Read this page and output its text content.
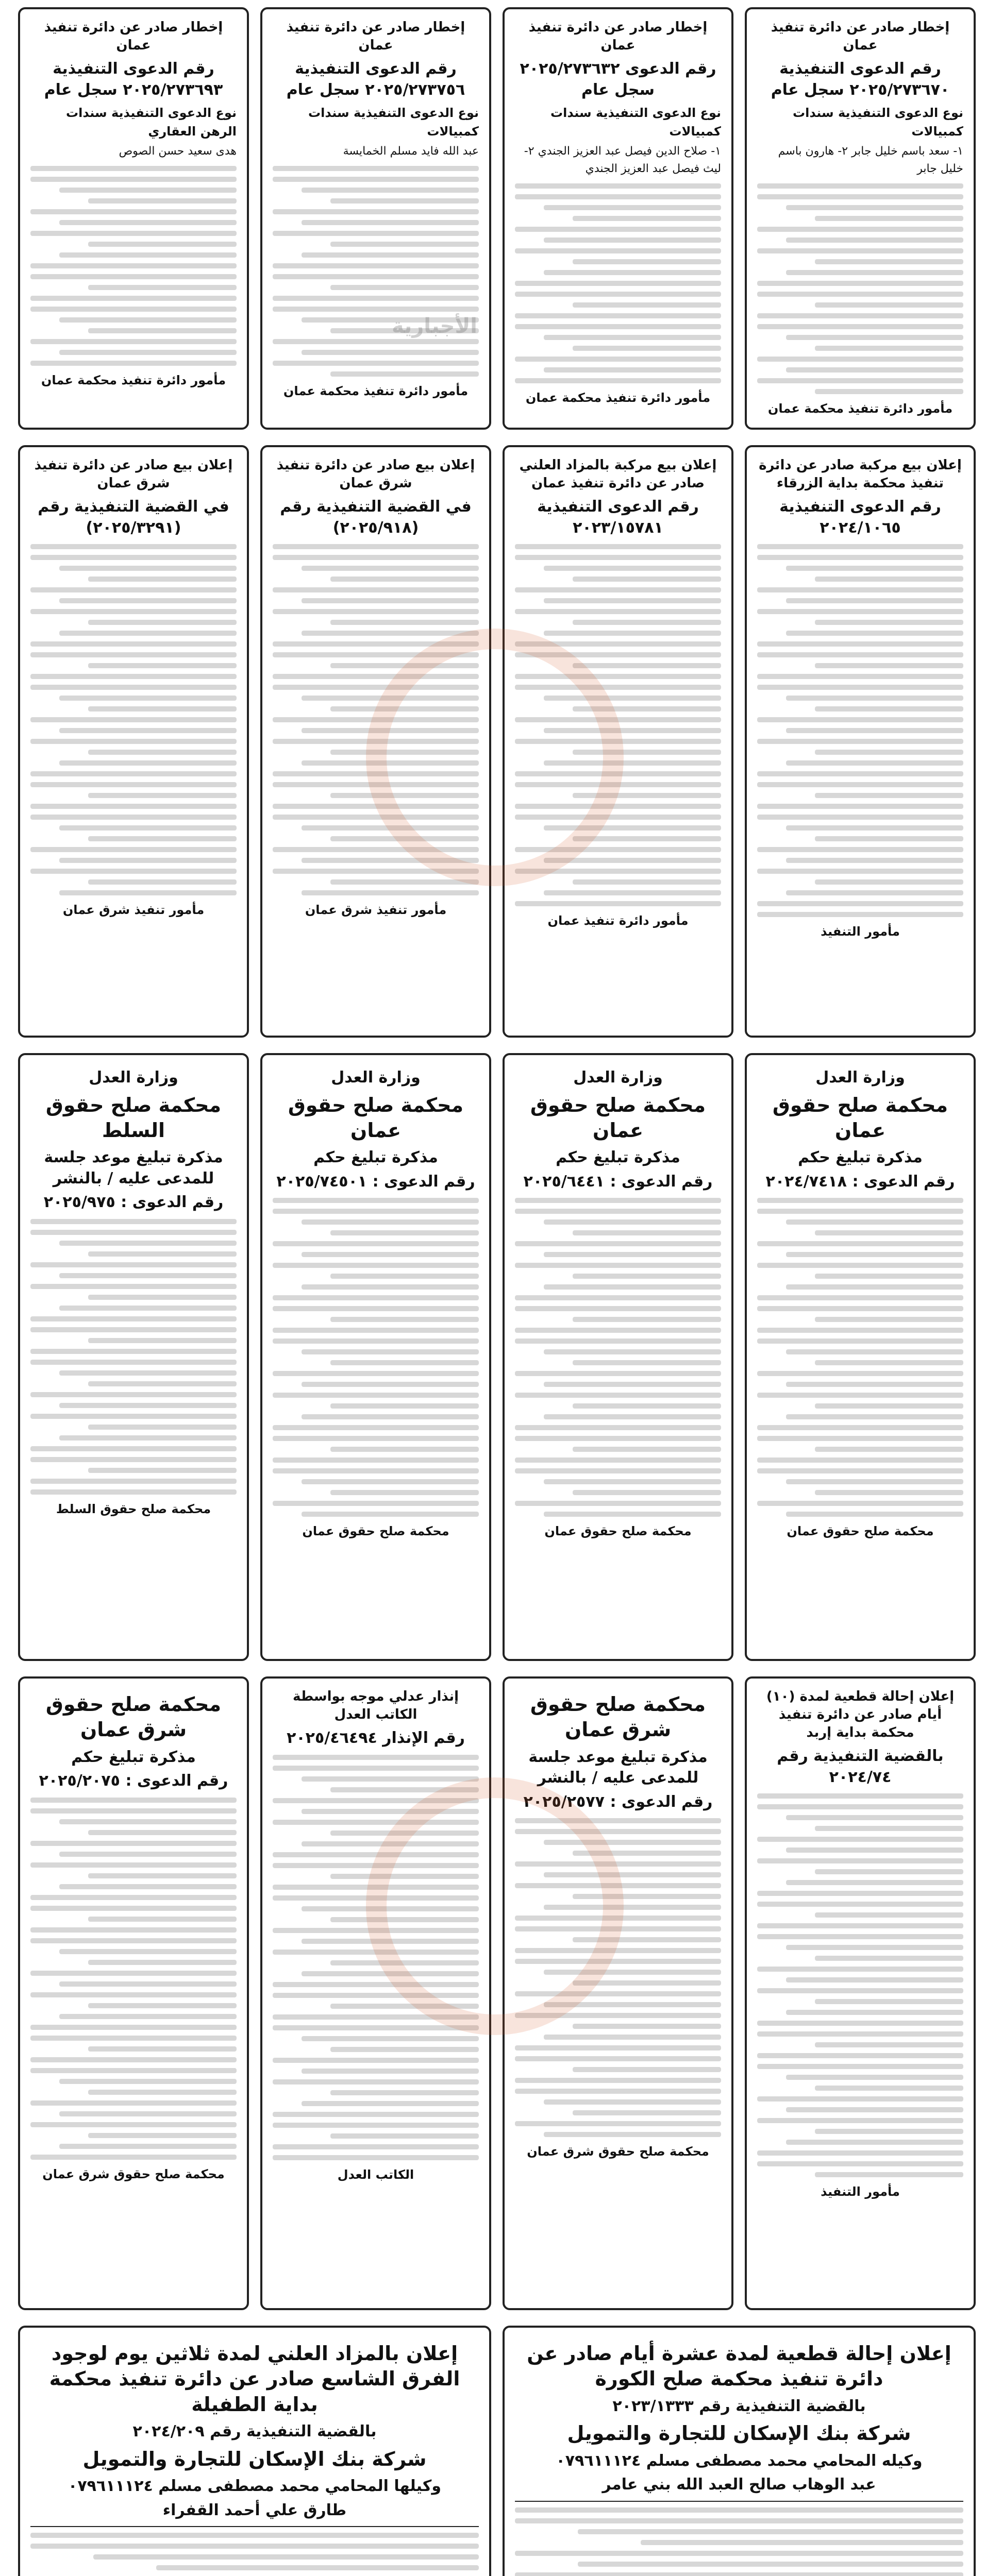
إخطار صادر عن دائرة تنفيذ عمان
رقم الدعوى التنفيذية ٢٠٢٥/٢٧٣٦٧٠ سجل عام
نوع الدعوى التنفيذية سندات كمبيالات
١- سعد باسم خليل جابر ٢- هارون باسم خليل جابر
مأمور دائرة تنفيذ محكمة عمان
إخطار صادر عن دائرة تنفيذ عمان
رقم الدعوى ٢٠٢٥/٢٧٣٦٣٢ سجل عام
نوع الدعوى التنفيذية سندات كمبيالات
١- صلاح الدين فيصل عبد العزيز الجندي ٢- ليث فيصل عبد العزيز الجندي
مأمور دائرة تنفيذ محكمة عمان
إخطار صادر عن دائرة تنفيذ عمان
رقم الدعوى التنفيذية ٢٠٢٥/٢٧٣٧٥٦ سجل عام
نوع الدعوى التنفيذية سندات كمبيالات
عبد الله فايد مسلم الخمايسة
مأمور دائرة تنفيذ محكمة عمان
إخطار صادر عن دائرة تنفيذ عمان
رقم الدعوى التنفيذية ٢٠٢٥/٢٧٣٦٩٣ سجل عام
نوع الدعوى التنفيذية سندات الرهن العقاري
هدى سعيد حسن الصوص
مأمور دائرة تنفيذ محكمة عمان
إعلان بيع مركبة صادر عن دائرة تنفيذ محكمة بداية الزرقاء
رقم الدعوى التنفيذية ٢٠٢٤/١٠٦٥
مأمور التنفيذ
إعلان بيع مركبة بالمزاد العلني صادر عن دائرة تنفيذ عمان
رقم الدعوى التنفيذية ٢٠٢٣/١٥٧٨١
مأمور دائرة تنفيذ عمان
إعلان بيع صادر عن دائرة تنفيذ شرق عمان
في القضية التنفيذية رقم (٢٠٢٥/٩١٨)
مأمور تنفيذ شرق عمان
إعلان بيع صادر عن دائرة تنفيذ شرق عمان
في القضية التنفيذية رقم (٢٠٢٥/٣٢٩١)
مأمور تنفيذ شرق عمان
وزارة العدل
محكمة صلح حقوق عمان
مذكرة تبليغ حكم
رقم الدعوى : ٢٠٢٤/٧٤١٨
محكمة صلح حقوق عمان
وزارة العدل
محكمة صلح حقوق عمان
مذكرة تبليغ حكم
رقم الدعوى : ٢٠٢٥/٦٤٤١
محكمة صلح حقوق عمان
وزارة العدل
محكمة صلح حقوق عمان
مذكرة تبليغ حكم
رقم الدعوى : ٢٠٢٥/٧٤٥٠١
محكمة صلح حقوق عمان
وزارة العدل
محكمة صلح حقوق السلط
مذكرة تبليغ موعد جلسة للمدعى عليه / بالنشر
رقم الدعوى : ٢٠٢٥/٩٧٥
محكمة صلح حقوق السلط
إعلان إحالة قطعية لمدة (١٠) أيام صادر عن دائرة تنفيذ محكمة بداية إربد
بالقضية التنفيذية رقم ٢٠٢٤/٧٤
مأمور التنفيذ
محكمة صلح حقوق شرق عمان
مذكرة تبليغ موعد جلسة للمدعى عليه / بالنشر
رقم الدعوى : ٢٠٢٥/٢٥٧٧
محكمة صلح حقوق شرق عمان
إنذار عدلي موجه بواسطة الكاتب العدل
رقم الإنذار ٢٠٢٥/٤٦٤٩٤
الكاتب العدل
محكمة صلح حقوق شرق عمان
مذكرة تبليغ حكم
رقم الدعوى : ٢٠٢٥/٢٠٧٥
محكمة صلح حقوق شرق عمان
إعلان إحالة قطعية لمدة عشرة أيام صادر عن دائرة تنفيذ محكمة صلح الكورة
بالقضية التنفيذية رقم ٢٠٢٣/١٣٣٣
شركة بنك الإسكان للتجارة والتمويل
وكيله المحامي محمد مصطفى مسلم ٠٧٩٦١١١٢٤
عبد الوهاب صالح العبد الله بني عامر
إعلان بالمزاد العلني لمدة ثلاثين يوم لوجود الفرق الشاسع صادر عن دائرة تنفيذ محكمة بداية الطفيلة
بالقضية التنفيذية رقم ٢٠٢٤/٢٠٩
شركة بنك الإسكان للتجارة والتمويل
وكيلها المحامي محمد مصطفى مسلم ٠٧٩٦١١١٢٤
طارق علي أحمد القفراء
الأجبارية
